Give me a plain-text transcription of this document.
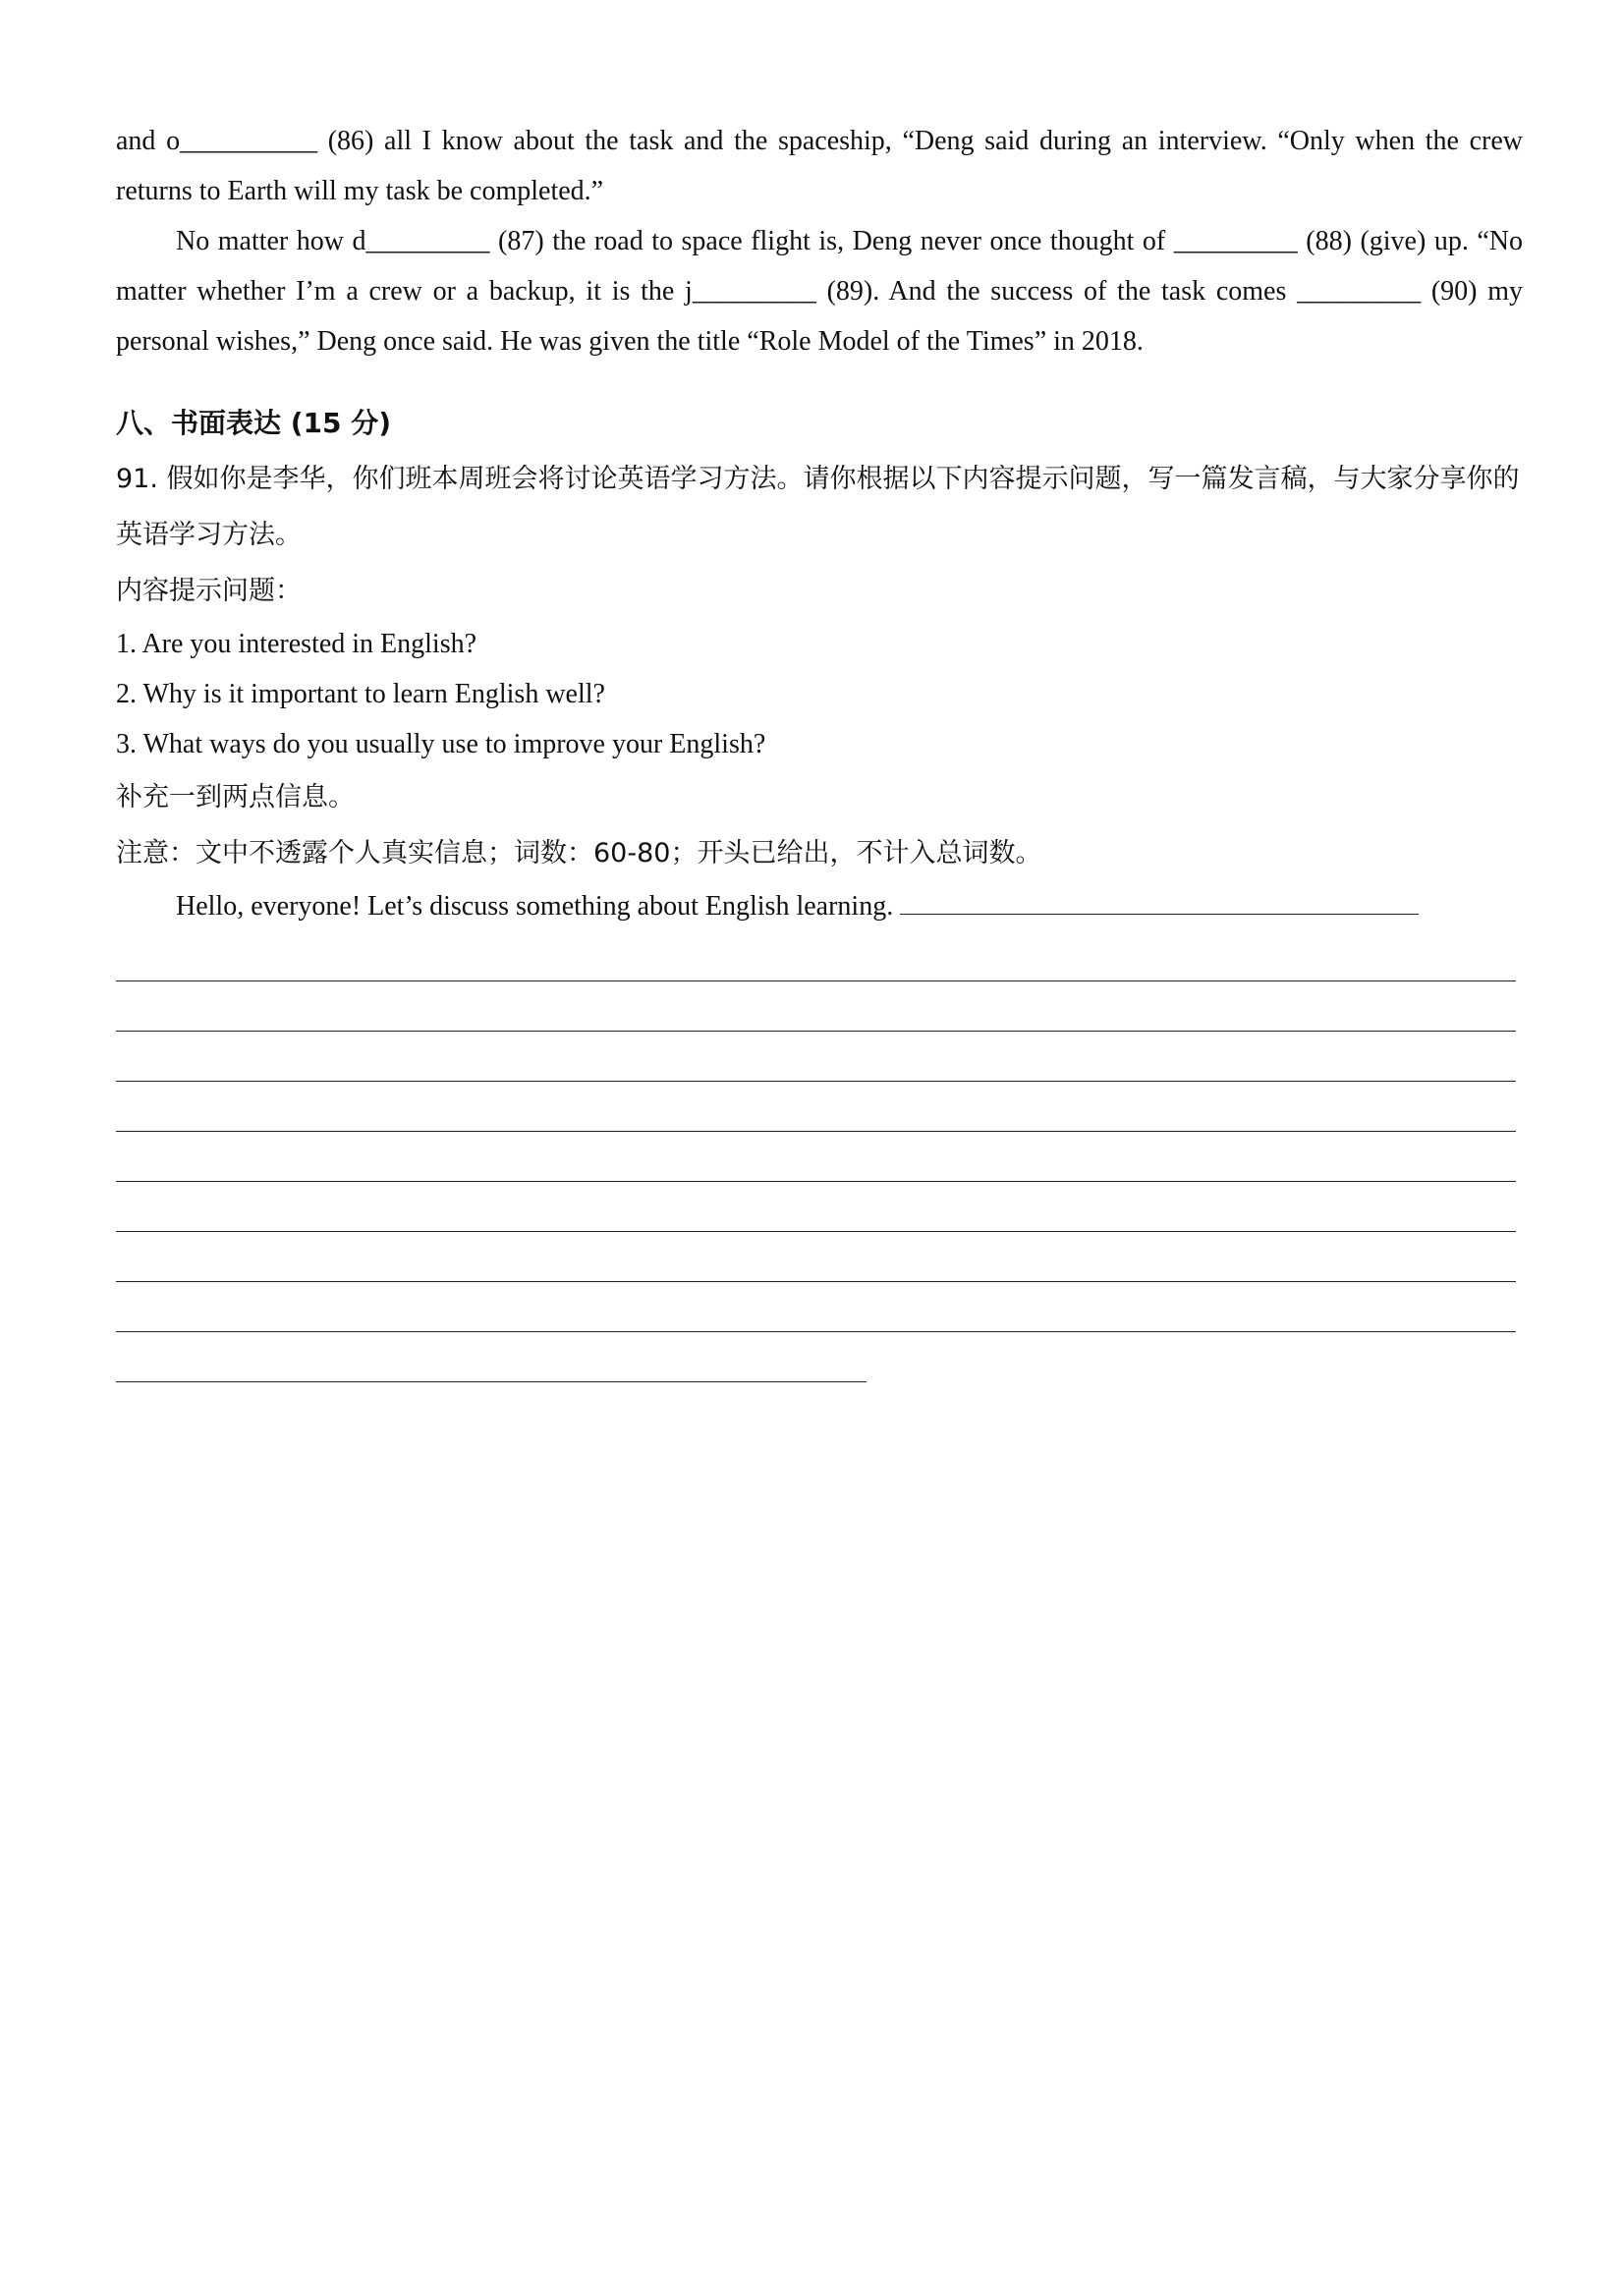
and o__________ (86) all I know about the task and the spaceship, “Deng said during an interview. “Only when the crew returns to Earth will my task be completed.”
No matter how d_________ (87) the road to space flight is, Deng never once thought of _________ (88) (give) up. “No matter whether I’m a crew or a backup, it is the j_________ (89). And the success of the task comes _________ (90) my personal wishes,” Deng once said. He was given the title “Role Model of the Times” in 2018.
八、书面表达 (15 分)
91. 假如你是李华，你们班本周班会将讨论英语学习方法。请你根据以下内容提示问题，写一篇发言稿，与大家分享你的英语学习方法。
内容提示问题：
1. Are you interested in English?
2. Why is it important to learn English well?
3. What ways do you usually use to improve your English?
补充一到两点信息。
注意：文中不透露个人真实信息；词数：60-80；开头已给出，不计入总词数。
Hello, everyone! Let’s discuss something about English learning.
